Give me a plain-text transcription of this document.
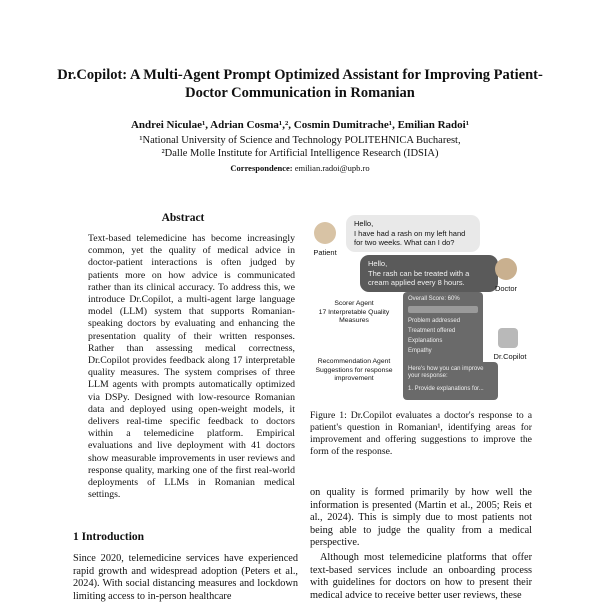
Dr.Copilot: A Multi-Agent Prompt Optimized Assistant for Improving Patient-Doctor Communication in Romanian
Andrei Niculae¹, Adrian Cosma¹,², Cosmin Dumitrache¹, Emilian Radoi¹
¹National University of Science and Technology POLITEHNICA Bucharest,
²Dalle Molle Institute for Artificial Intelligence Research (IDSIA)
Correspondence: emilian.radoi@upb.ro
Abstract
Text-based telemedicine has become increasingly common, yet the quality of medical advice in doctor-patient interactions is often judged by patients more on how advice is communicated rather than its clinical accuracy. To address this, we introduce Dr.Copilot, a multi-agent large language model (LLM) system that supports Romanian-speaking doctors by evaluating and enhancing the presentation quality of their written responses. Rather than assessing medical correctness, Dr.Copilot provides feedback along 17 interpretable quality measures. The system comprises of three LLM agents with prompts automatically optimized via DSPy. Designed with low-resource Romanian data and deployed using open-weight models, it delivers real-time specific feedback to doctors within a telemedicine platform. Empirical evaluations and live deployment with 41 doctors show measurable improvements in user reviews and response quality, marking one of the first real-world deployments of LLMs in Romanian medical settings.
1 Introduction
Since 2020, telemedicine services have experienced rapid growth and widespread adoption (Peters et al., 2024). With social distancing measures and lockdown limiting access to in-person healthcare
Patient
Hello,
I have had a rash on my left hand for two weeks. What can I do?
Hello,
The rash can be treated with a cream applied every 8 hours.
Doctor
Dr.Copilot
Scorer Agent
17 Interpretable Quality Measures
Recommendation Agent
Suggestions for response improvement
Overall Score: 60%
Problem addressed
Treatment offered
Explanations
Empathy
Here's how you can improve your response:
1. Provide explanations for...
Figure 1: Dr.Copilot evaluates a doctor's response to a patient's question in Romanian¹, identifying areas for improvement and offering suggestions to improve the form of the response.

on quality is formed primarily by how well the information is presented (Martin et al., 2005; Reis et al., 2024). This is simply due to most patients not being able to judge the quality from a medical perspective.

Although most telemedicine platforms that offer text-based services include an onboarding process with guidelines for doctors on how to present their medical advice to receive better user reviews, these
